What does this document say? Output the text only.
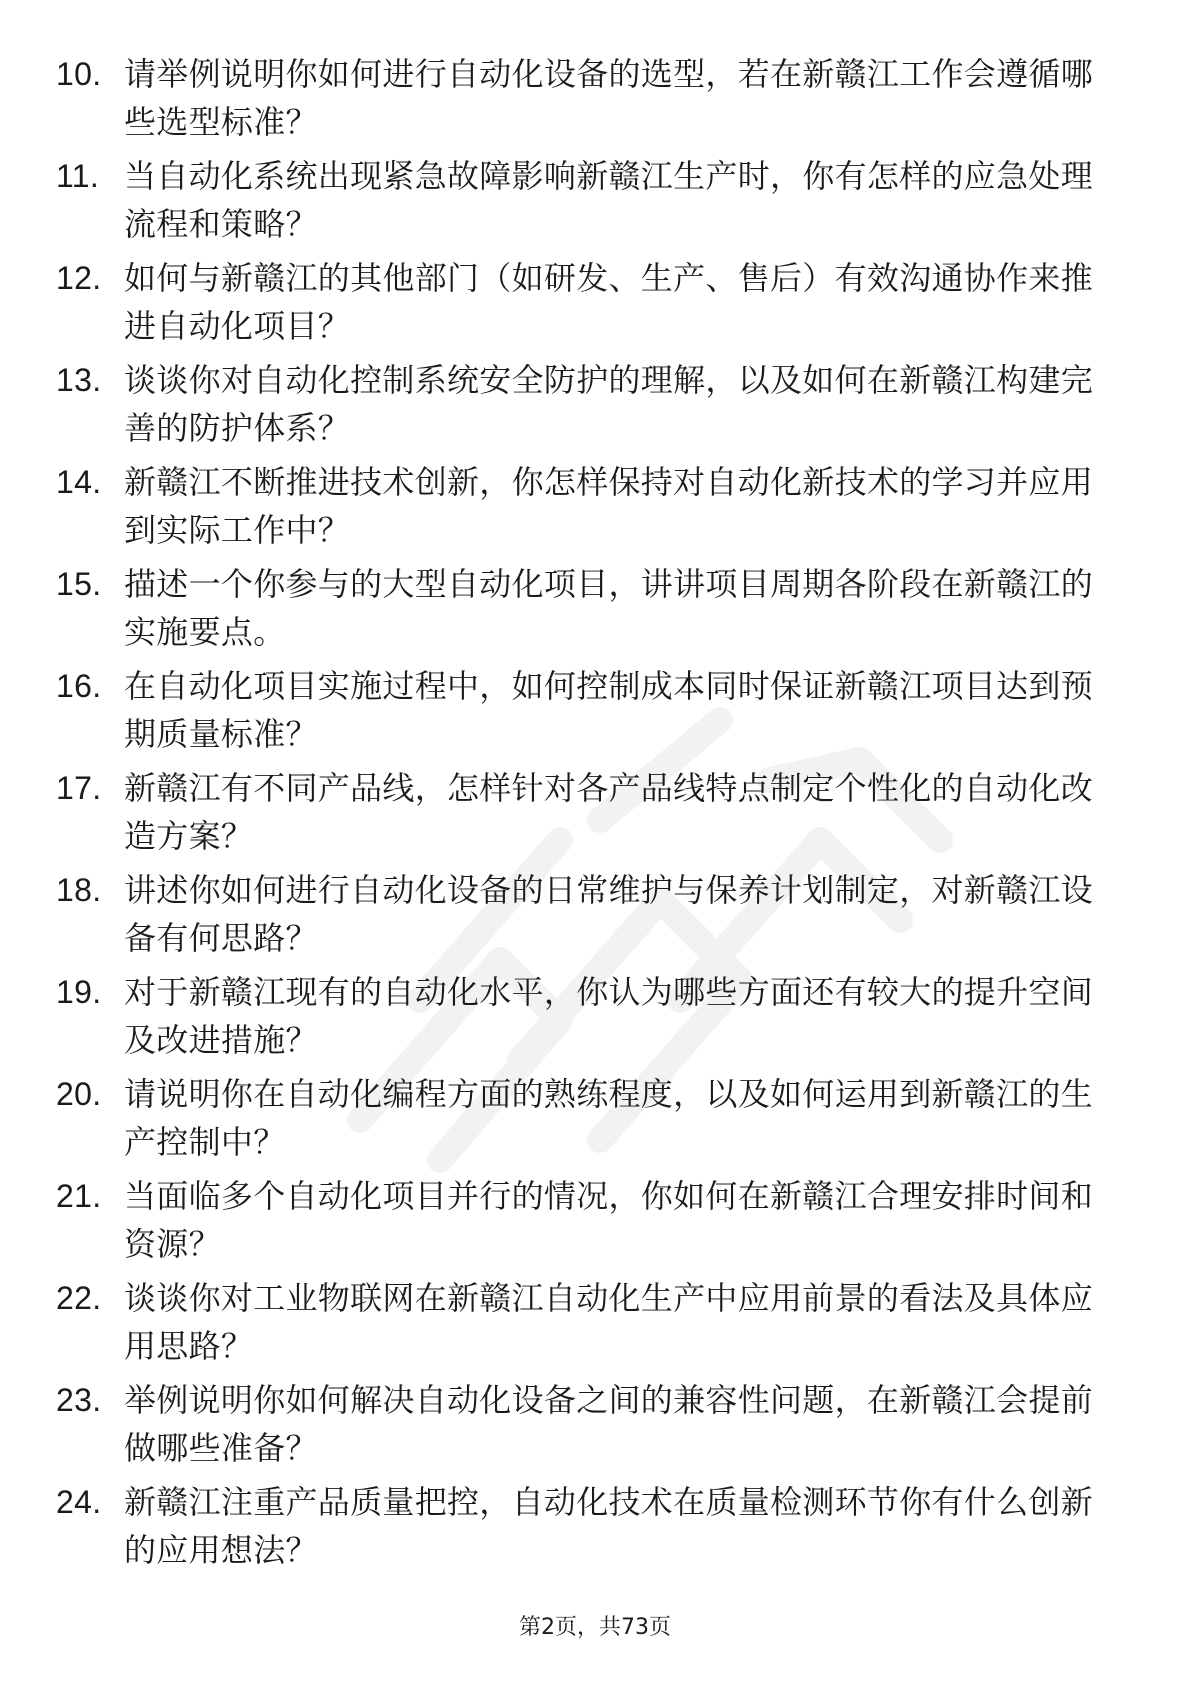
10. 请举例说明你如何进行自动化设备的选型，若在新赣江工作会遵循哪些选型标准？
11. 当自动化系统出现紧急故障影响新赣江生产时，你有怎样的应急处理流程和策略？
12. 如何与新赣江的其他部门（如研发、生产、售后）有效沟通协作来推进自动化项目？
13. 谈谈你对自动化控制系统安全防护的理解，以及如何在新赣江构建完善的防护体系？
14. 新赣江不断推进技术创新，你怎样保持对自动化新技术的学习并应用到实际工作中？
15. 描述一个你参与的大型自动化项目，讲讲项目周期各阶段在新赣江的实施要点。
16. 在自动化项目实施过程中，如何控制成本同时保证新赣江项目达到预期质量标准？
17. 新赣江有不同产品线，怎样针对各产品线特点制定个性化的自动化改造方案？
18. 讲述你如何进行自动化设备的日常维护与保养计划制定，对新赣江设备有何思路？
19. 对于新赣江现有的自动化水平，你认为哪些方面还有较大的提升空间及改进措施？
20. 请说明你在自动化编程方面的熟练程度，以及如何运用到新赣江的生产控制中？
21. 当面临多个自动化项目并行的情况，你如何在新赣江合理安排时间和资源？
22. 谈谈你对工业物联网在新赣江自动化生产中应用前景的看法及具体应用思路？
23. 举例说明你如何解决自动化设备之间的兼容性问题，在新赣江会提前做哪些准备？
24. 新赣江注重产品质量把控，自动化技术在质量检测环节你有什么创新的应用想法？
第2页，共73页
